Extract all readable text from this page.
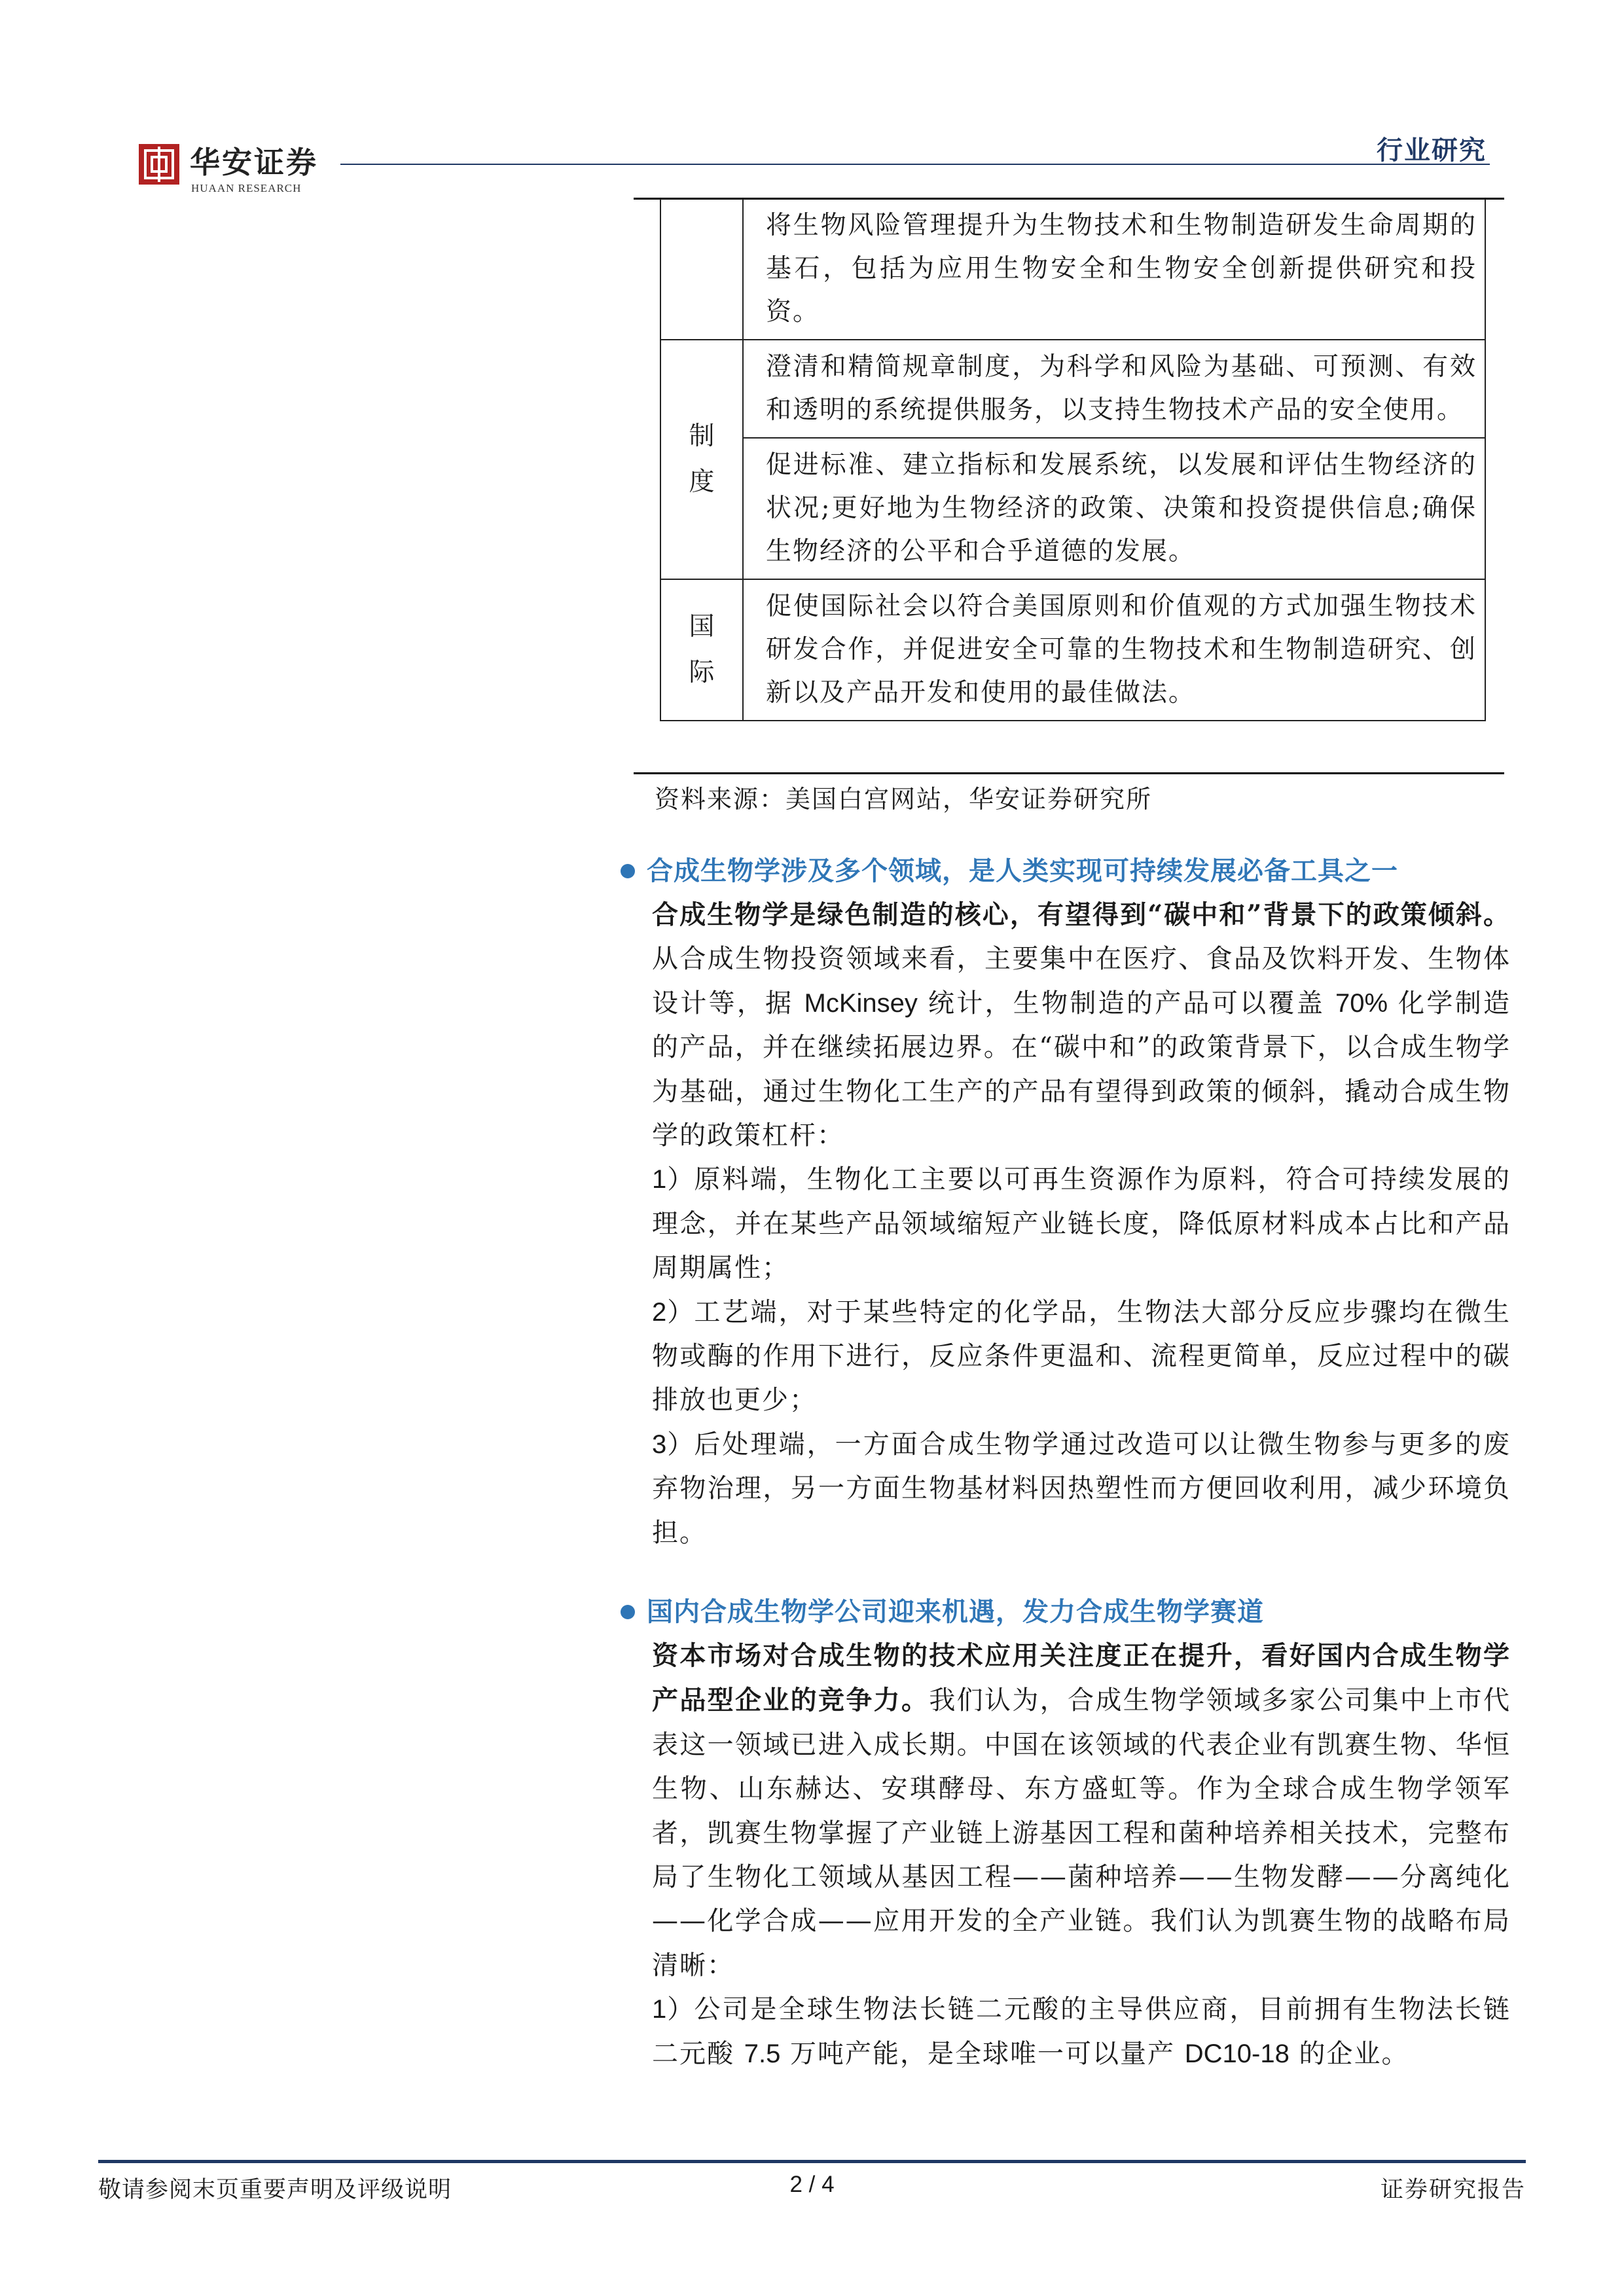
华安证券
HUAAN RESEARCH
行业研究
	将生物风险管理提升为生物技术和生物制造研发生命周期的基石，包括为应用生物安全和生物安全创新提供研究和投资。

制
度	澄清和精简规章制度，为科学和风险为基础、可预测、有效和透明的系统提供服务，以支持生物技术产品的安全使用。
	促进标准、建立指标和发展系统，以发展和评估生物经济的状况;更好地为生物经济的政策、决策和投资提供信息;确保生物经济的公平和合乎道德的发展。

国
际	促使国际社会以符合美国原则和价值观的方式加强生物技术研发合作，并促进安全可靠的生物技术和生物制造研究、创新以及产品开发和使用的最佳做法。
资料来源：美国白宫网站，华安证券研究所
合成生物学涉及多个领域，是人类实现可持续发展必备工具之一

合成生物学是绿色制造的核心，有望得到“碳中和”背景下的政策倾斜。从合成生物投资领域来看，主要集中在医疗、食品及饮料开发、生物体设计等，据 McKinsey 统计，生物制造的产品可以覆盖 70% 化学制造的产品，并在继续拓展边界。在“碳中和”的政策背景下，以合成生物学为基础，通过生物化工生产的产品有望得到政策的倾斜，撬动合成生物学的政策杠杆：

1）原料端，生物化工主要以可再生资源作为原料，符合可持续发展的理念，并在某些产品领域缩短产业链长度，降低原材料成本占比和产品周期属性；

2）工艺端，对于某些特定的化学品，生物法大部分反应步骤均在微生物或酶的作用下进行，反应条件更温和、流程更简单，反应过程中的碳排放也更少；

3）后处理端，一方面合成生物学通过改造可以让微生物参与更多的废弃物治理，另一方面生物基材料因热塑性而方便回收利用，减少环境负担。

国内合成生物学公司迎来机遇，发力合成生物学赛道

资本市场对合成生物的技术应用关注度正在提升，看好国内合成生物学产品型企业的竞争力。我们认为，合成生物学领域多家公司集中上市代表这一领域已进入成长期。中国在该领域的代表企业有凯赛生物、华恒生物、山东赫达、安琪酵母、东方盛虹等。作为全球合成生物学领军者，凯赛生物掌握了产业链上游基因工程和菌种培养相关技术，完整布局了生物化工领域从基因工程——菌种培养——生物发酵——分离纯化——化学合成——应用开发的全产业链。我们认为凯赛生物的战略布局清晰：

1）公司是全球生物法长链二元酸的主导供应商，目前拥有生物法长链二元酸 7.5 万吨产能，是全球唯一可以量产 DC10-18 的企业。

敬请参阅末页重要声明及评级说明	2 / 4	证券研究报告
